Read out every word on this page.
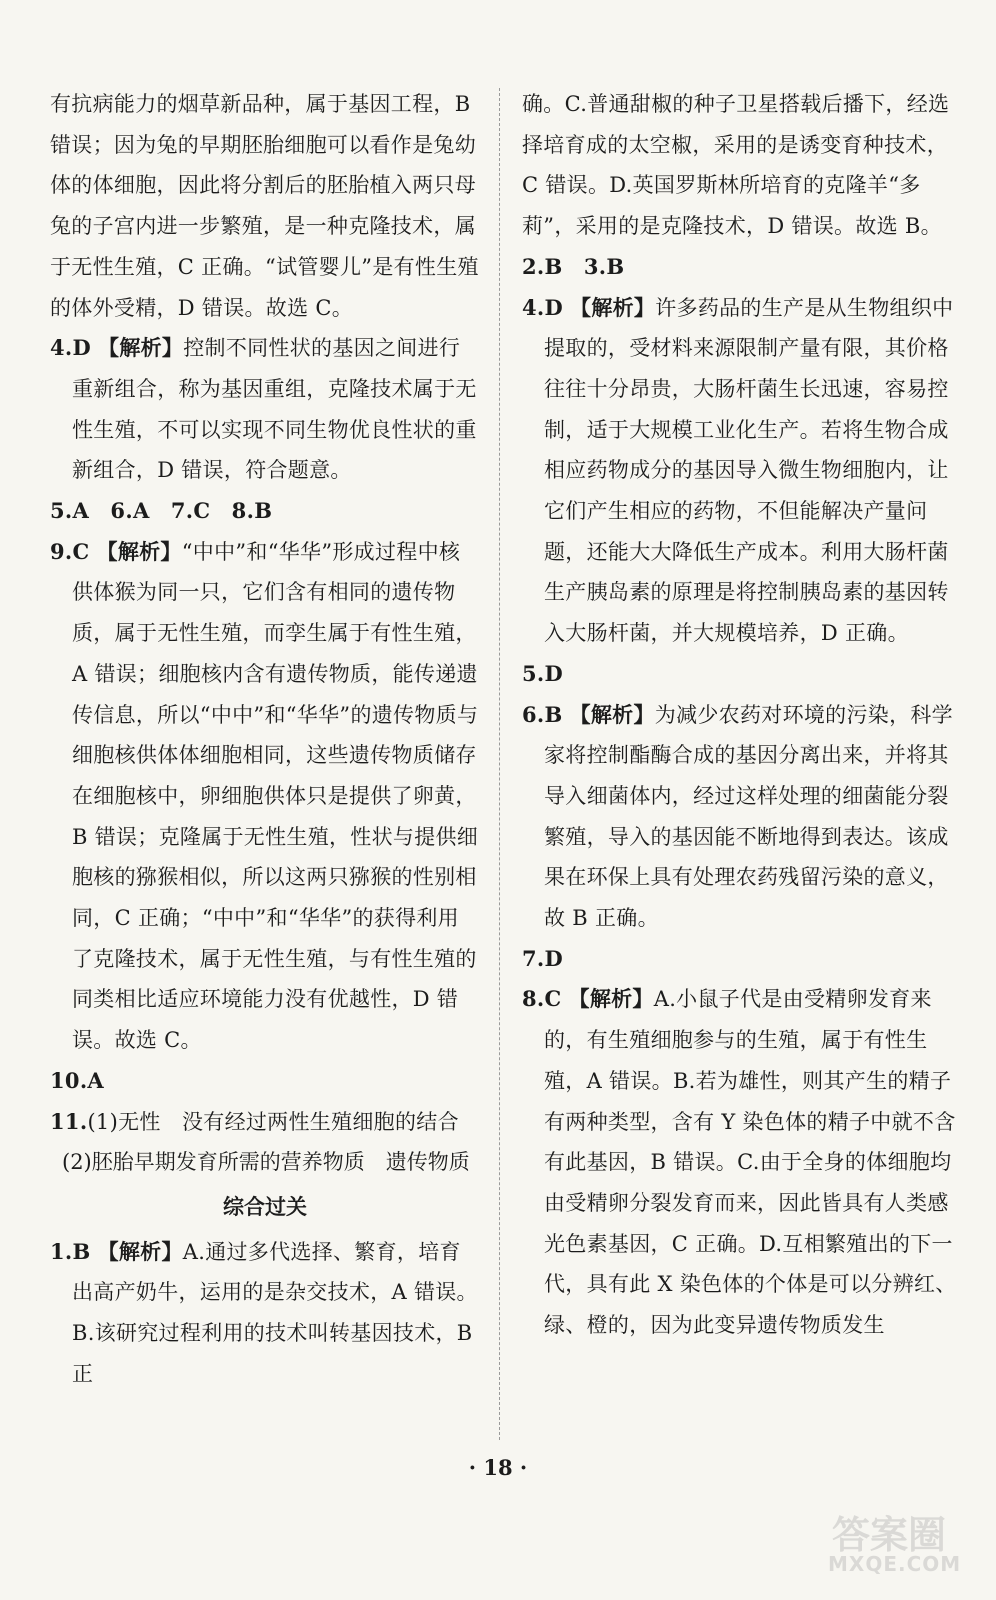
有抗病能力的烟草新品种，属于基因工程，B 错误；因为兔的早期胚胎细胞可以看作是兔幼体的体细胞，因此将分割后的胚胎植入两只母兔的子宫内进一步繁殖，是一种克隆技术，属于无性生殖，C 正确。“试管婴儿”是有性生殖的体外受精，D 错误。故选 C。

4.D 【解析】控制不同性状的基因之间进行重新组合，称为基因重组，克隆技术属于无性生殖，不可以实现不同生物优良性状的重新组合，D 错误，符合题意。

5.A　6.A　7.C　8.B

9.C 【解析】“中中”和“华华”形成过程中核供体猴为同一只，它们含有相同的遗传物质，属于无性生殖，而孪生属于有性生殖，A 错误；细胞核内含有遗传物质，能传递遗传信息，所以“中中”和“华华”的遗传物质与细胞核供体体细胞相同，这些遗传物质储存在细胞核中，卵细胞供体只是提供了卵黄，B 错误；克隆属于无性生殖，性状与提供细胞核的猕猴相似，所以这两只猕猴的性别相同，C 正确；“中中”和“华华”的获得利用了克隆技术，属于无性生殖，与有性生殖的同类相比适应环境能力没有优越性，D 错误。故选 C。

10.A

11.(1)无性　没有经过两性生殖细胞的结合

(2)胚胎早期发育所需的营养物质　遗传物质

综合过关

1.B 【解析】A.通过多代选择、繁育，培育出高产奶牛，运用的是杂交技术，A 错误。B.该研究过程利用的技术叫转基因技术，B 正

确。C.普通甜椒的种子卫星搭载后播下，经选择培育成的太空椒，采用的是诱变育种技术，C 错误。D.英国罗斯林所培育的克隆羊“多莉”，采用的是克隆技术，D 错误。故选 B。

2.B　3.B

4.D 【解析】许多药品的生产是从生物组织中提取的，受材料来源限制产量有限，其价格往往十分昂贵，大肠杆菌生长迅速，容易控制，适于大规模工业化生产。若将生物合成相应药物成分的基因导入微生物细胞内，让它们产生相应的药物，不但能解决产量问题，还能大大降低生产成本。利用大肠杆菌生产胰岛素的原理是将控制胰岛素的基因转入大肠杆菌，并大规模培养，D 正确。

5.D

6.B 【解析】为减少农药对环境的污染，科学家将控制酯酶合成的基因分离出来，并将其导入细菌体内，经过这样处理的细菌能分裂繁殖，导入的基因能不断地得到表达。该成果在环保上具有处理农药残留污染的意义，故 B 正确。

7.D

8.C 【解析】A.小鼠子代是由受精卵发育来的，有生殖细胞参与的生殖，属于有性生殖，A 错误。B.若为雄性，则其产生的精子有两种类型，含有 Y 染色体的精子中就不含有此基因，B 错误。C.由于全身的体细胞均由受精卵分裂发育而来，因此皆具有人类感光色素基因，C 正确。D.互相繁殖出的下一代，具有此 X 染色体的个体是可以分辨红、绿、橙的，因为此变异遗传物质发生

· 18 ·
答案圈
MXQE.COM
